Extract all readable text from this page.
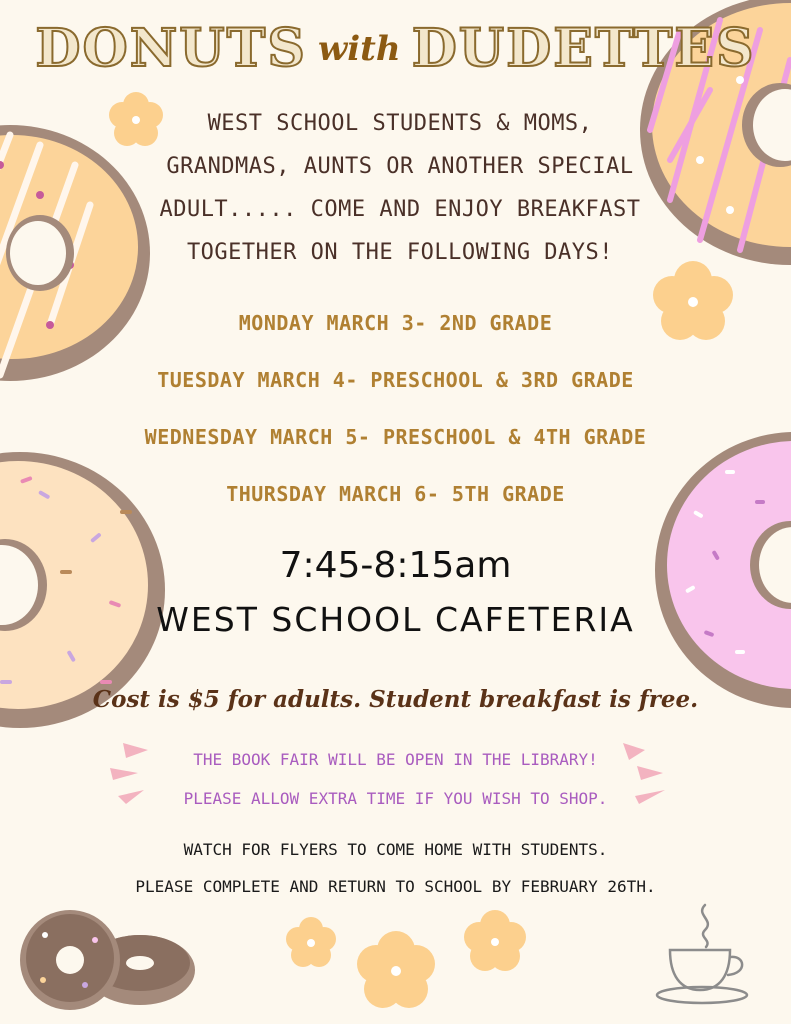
DONUTS with DUDETTES
WEST SCHOOL STUDENTS & MOMS,
GRANDMAS, AUNTS OR ANOTHER SPECIAL
ADULT..... COME AND ENJOY BREAKFAST
TOGETHER ON THE FOLLOWING DAYS!
MONDAY MARCH 3- 2ND GRADE
TUESDAY MARCH 4- PRESCHOOL & 3RD GRADE
WEDNESDAY MARCH 5- PRESCHOOL & 4TH GRADE
THURSDAY MARCH 6- 5TH GRADE
7:45-8:15am
WEST SCHOOL CAFETERIA
Cost is $5 for adults. Student breakfast is free.
THE BOOK FAIR WILL BE OPEN IN THE LIBRARY!
PLEASE ALLOW EXTRA TIME IF YOU WISH TO SHOP.
WATCH FOR FLYERS TO COME HOME WITH STUDENTS.
PLEASE COMPLETE AND RETURN TO SCHOOL BY FEBRUARY 26TH.
